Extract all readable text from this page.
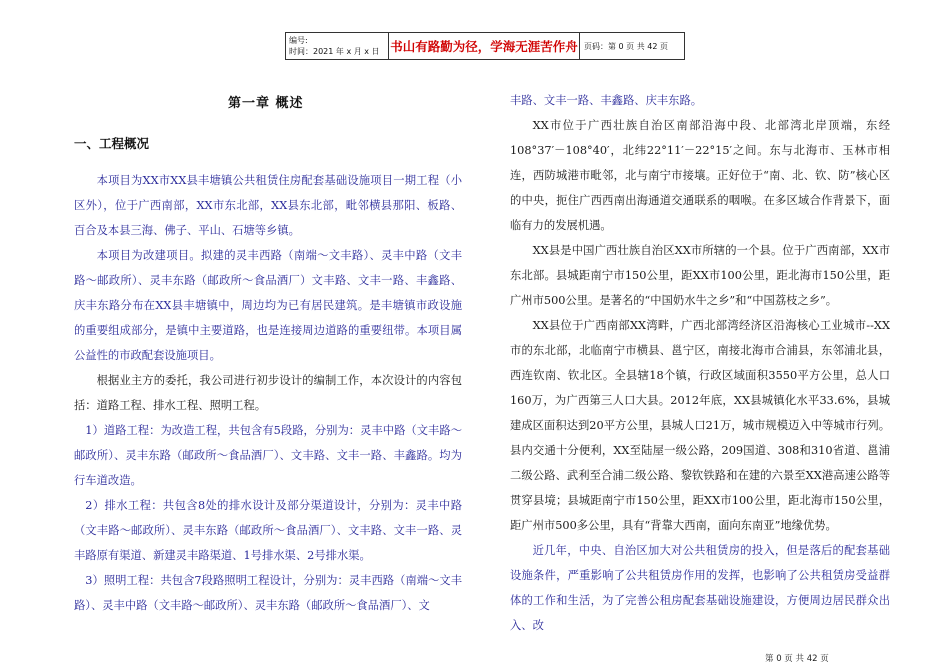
编号:
时间：2021 年 x 月 x 日 书山有路勤为径，学海无涯苦作舟 页码：第 0 页 共 42 页
第一章 概述
一、工程概况

本项目为XX市XX县丰塘镇公共租赁住房配套基础设施项目一期工程（小区外），位于广西南部，XX市东北部，XX县东北部，毗邻横县那阳、板路、百合及本县三海、佛子、平山、石塘等乡镇。

本项目为改建项目。拟建的灵丰西路（南端～文丰路）、灵丰中路（文丰路～邮政所）、灵丰东路（邮政所～食品酒厂）文丰路、文丰一路、丰鑫路、庆丰东路分布在XX县丰塘镇中，周边均为已有居民建筑。是丰塘镇市政设施的重要组成部分，是镇中主要道路，也是连接周边道路的重要纽带。本项目属公益性的市政配套设施项目。

根据业主方的委托，我公司进行初步设计的编制工作，本次设计的内容包括：道路工程、排水工程、照明工程。

1）道路工程：为改造工程，共包含有5段路，分别为：灵丰中路（文丰路～邮政所）、灵丰东路（邮政所～食品酒厂）、文丰路、文丰一路、丰鑫路。均为行车道改造。

2）排水工程：共包含8处的排水设计及部分渠道设计，分别为：灵丰中路（文丰路～邮政所）、灵丰东路（邮政所～食品酒厂）、文丰路、文丰一路、灵丰路原有渠道、新建灵丰路渠道、1号排水渠、2号排水渠。

3）照明工程：共包含7段路照明工程设计，分别为：灵丰西路（南端～文丰路）、灵丰中路（文丰路～邮政所）、灵丰东路（邮政所～食品酒厂）、文

丰路、文丰一路、丰鑫路、庆丰东路。

XX市位于广西壮族自治区南部沿海中段、北部湾北岸顶端，东经108°37′－108°40′，北纬22°11′－22°15′之间。东与北海市、玉林市相连，西防城港市毗邻，北与南宁市接壤。正好位于“南、北、钦、防”核心区的中央，扼住广西西南出海通道交通联系的咽喉。在多区域合作背景下，面临有力的发展机遇。

XX县是中国广西壮族自治区XX市所辖的一个县。位于广西南部，XX市东北部。县城距南宁市150公里，距XX市100公里，距北海市150公里，距广州市500公里。是著名的“中国奶水牛之乡”和“中国荔枝之乡”。

XX县位于广西南部XX湾畔，广西北部湾经济区沿海核心工业城市--XX市的东北部，北临南宁市横县、邕宁区，南接北海市合浦县，东邻浦北县，西连钦南、钦北区。全县辖18个镇，行政区域面积3550平方公里，总人口160万，为广西第三人口大县。2012年底，XX县城镇化水平33.6%，县城建成区面积达到20平方公里，县城人口21万，城市规模迈入中等城市行列。县内交通十分便利，XX至陆屋一级公路，209国道、308和310省道、邕浦二级公路、武利至合浦二级公路、黎钦铁路和在建的六景至XX港高速公路等贯穿县境；县城距南宁市150公里，距XX市100公里，距北海市150公里，距广州市500多公里，具有“背靠大西南，面向东南亚”地缘优势。

近几年，中央、自治区加大对公共租赁房的投入，但是落后的配套基础设施条件，严重影响了公共租赁房作用的发挥，也影响了公共租赁房受益群体的工作和生活，为了完善公租房配套基础设施建设，方便周边居民群众出入、改

第 0 页 共 42 页
